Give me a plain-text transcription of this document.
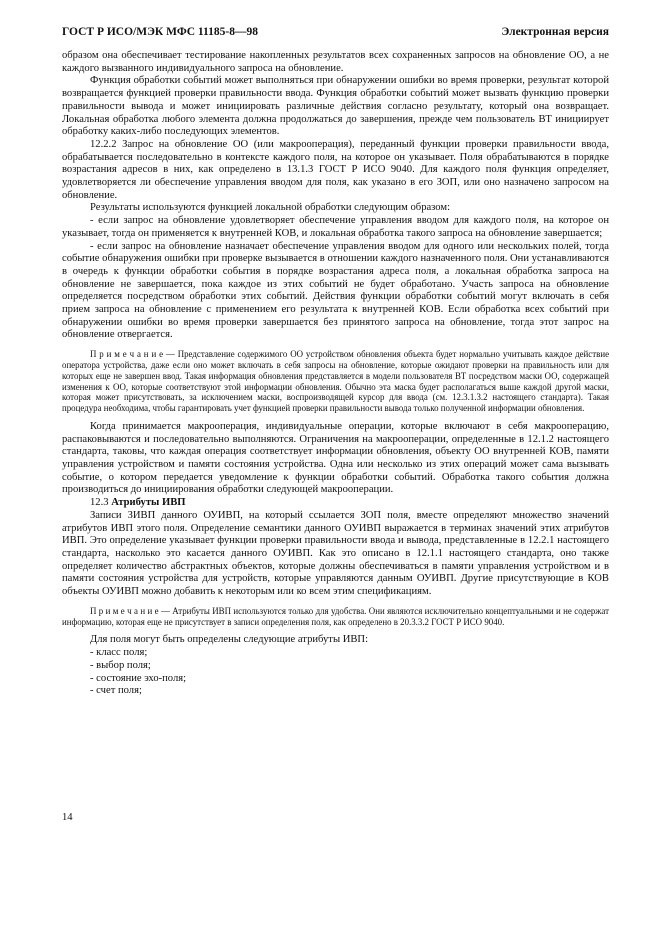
ГОСТ Р ИСО/МЭК МФС 11185-8—98	Электронная версия

образом она обеспечивает тестирование накопленных результатов всех сохраненных запросов на обновление ОО, а не каждого вызванного индивидуального запроса на обновление.

Функция обработки событий может выполняться при обнаружении ошибки во время проверки, результат которой возвращается функцией проверки правильности ввода. Функция обработки событий может вызвать функцию проверки правильности вывода и может инициировать различные действия согласно результату, который она возвращает. Локальная обработка любого элемента должна продолжаться до завершения, прежде чем пользователь ВТ инициирует обработку каких-либо последующих элементов.

12.2.2 Запрос на обновление ОО (или макрооперация), переданный функции проверки правильности ввода, обрабатывается последовательно в контексте каждого поля, на которое он указывает. Поля обрабатываются в порядке возрастания адресов в них, как определено в 13.1.3 ГОСТ Р ИСО 9040. Для каждого поля функция определяет, удовлетворяется ли обеспечение управления вводом для поля, как указано в его ЗОП, или оно назначено запросом на обновление.

Результаты используются функцией локальной обработки следующим образом:

- если запрос на обновление удовлетворяет обеспечение управления вводом для каждого поля, на которое он указывает, тогда он применяется к внутренней КОВ, и локальная обработка такого запроса на обновление завершается;

- если запрос на обновление назначает обеспечение управления вводом для одного или нескольких полей, тогда событие обнаружения ошибки при проверке вызывается в отношении каждого назначенного поля. Они устанавливаются в очередь к функции обработки события в порядке возрастания адреса поля, а локальная обработка запроса на обновление не завершается, пока каждое из этих событий не будет обработано. Участь запроса на обновление определяется посредством обработки этих событий. Действия функции обработки событий могут включать в себя прием запроса на обновление с применением его результата к внутренней КОВ. Если обработка всех событий при обнаружении ошибки во время проверки завершается без принятого запроса на обновление, тогда этот запрос на обновление отвергается.

П р и м е ч а н и е — Представление содержимого ОО устройством обновления объекта будет нормально учитывать каждое действие оператора устройства, даже если оно может включать в себя запросы на обновление, которые ожидают проверки на правильность или для которых еще не завершен ввод. Такая информация обновления представляется в модели пользователя ВТ посредством маски ОО, содержащей изменения к ОО, которые соответствуют этой информации обновления. Обычно эта маска будет располагаться выше каждой другой маски, которая может присутствовать, за исключением маски, воспроизводящей курсор для ввода (см. 12.3.1.3.2 настоящего стандарта). Такая процедура необходима, чтобы гарантировать учет функцией проверки правильности вывода только полученной информации обновления.

Когда принимается макрооперация, индивидуальные операции, которые включают в себя макрооперацию, распаковываются и последовательно выполняются. Ограничения на макрооперации, определенные в 12.1.2 настоящего стандарта, таковы, что каждая операция соответствует информации обновления, объекту ОО внутренней КОВ, памяти управления устройством и памяти состояния устройства. Одна или несколько из этих операций может сама вызывать событие, о котором передается уведомление к функции обработки событий. Обработка такого события должна производиться до инициирования обработки следующей макрооперации.

12.3 Атрибуты ИВП

Записи ЗИВП данного ОУИВП, на который ссылается ЗОП поля, вместе определяют множество значений атрибутов ИВП этого поля. Определение семантики данного ОУИВП выражается в терминах значений этих атрибутов ИВП. Это определение указывает функции проверки правильности ввода и вывода, представленные в 12.2.1 настоящего стандарта, насколько это касается данного ОУИВП. Как это описано в 12.1.1 настоящего стандарта, оно также определяет количество абстрактных объектов, которые должны обеспечиваться в памяти управления устройством и в памяти состояния устройства для устройств, которые управляются данным ОУИВП. Другие присутствующие в КОВ объекты ОУИВП можно добавить к некоторым или ко всем этим спецификациям.

П р и м е ч а н и е — Атрибуты ИВП используются только для удобства. Они являются исключительно концептуальными и не содержат информацию, которая еще не присутствует в записи определения поля, как определено в 20.3.3.2 ГОСТ Р ИСО 9040.

Для поля могут быть определены следующие атрибуты ИВП:

- класс поля;

- выбор поля;

- состояние эхо-поля;

- счет поля;

14
